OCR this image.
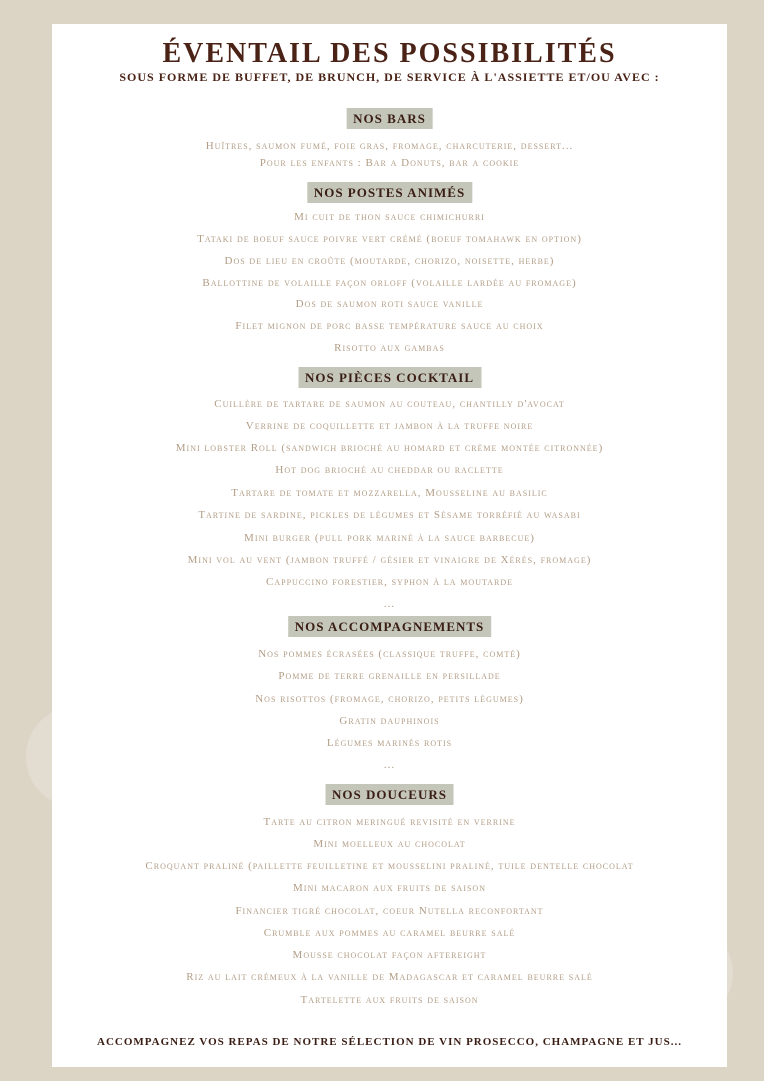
ÉVENTAIL DES POSSIBILITÉS
SOUS FORME DE BUFFET, DE BRUNCH, DE SERVICE À L'ASSIETTE ET/OU AVEC :
NOS BARS
Huîtres, saumon fumé, foie gras, fromage, charcuterie, dessert...
Pour les enfants : Bar a Donuts, bar a cookie
NOS POSTES ANIMÉS
Mi cuit de thon sauce chimichurri
Tataki de boeuf sauce poivre vert crémé (boeuf tomahawk en option)
Dos de lieu en croûte (moutarde, chorizo, noisette, herbe)
Ballottine de volaille façon orloff (volaille lardée au fromage)
Dos de saumon roti sauce vanille
Filet mignon de porc basse température sauce au choix
Risotto aux gambas
NOS PIÈCES COCKTAIL
Cuillère de tartare de saumon au couteau, chantilly d'avocat
Verrine de coquillette et jambon à la truffe noire
Mini lobster Roll (sandwich brioché au homard et crème montée citronnée)
Hot dog brioché au cheddar ou raclette
Tartare de tomate et mozzarella, Mousseline au basilic
Tartine de sardine, pickles de légumes et Sésame torréfié au wasabi
Mini burger (pull pork mariné à la sauce barbecue)
Mini vol au vent (jambon truffé / gésier et vinaigre de Xérès, fromage)
Cappuccino forestier, syphon à la moutarde
...
NOS ACCOMPAGNEMENTS
Nos pommes écrasées (classique truffe, comté)
Pomme de terre grenaille en persillade
Nos risottos (fromage, chorizo, petits légumes)
Gratin dauphinois
Légumes marinés rotis
...
NOS DOUCEURS
Tarte au citron meringué revisité en verrine
Mini moelleux au chocolat
Croquant praliné (paillette feuilletine et mousselini praliné, tuile dentelle chocolat
Mini macaron aux fruits de saison
Financier tigré chocolat, coeur Nutella reconfortant
Crumble aux pommes au caramel beurre salé
Mousse chocolat façon aftereight
Riz au lait crémeux à la vanille de Madagascar et caramel beurre salé
Tartelette aux fruits de saison
ACCOMPAGNEZ VOS REPAS DE NOTRE SÉLECTION DE VIN PROSECCO, CHAMPAGNE ET JUS...
